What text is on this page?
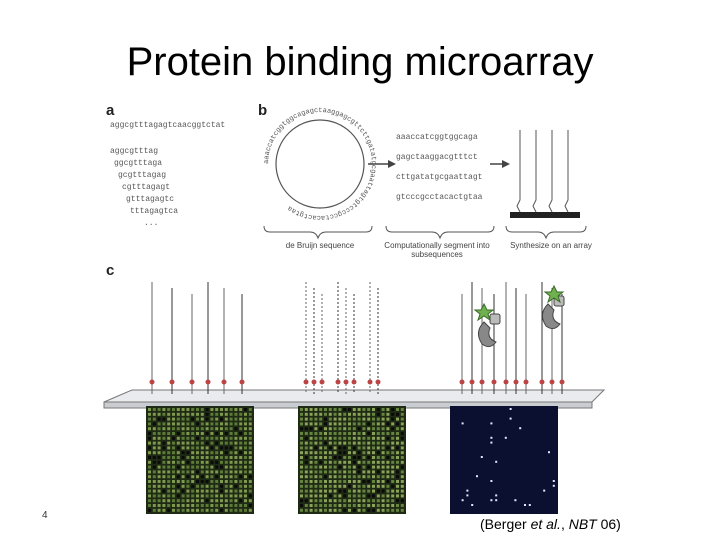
Protein binding microarray
a
aggcgtttagagtcaacggtctat
aggcgtttag
ggcgtttaga
gcgtttagag
cgtttagagt
gtttagagtc
tttagagtca
...
b
aaaccatcggtggcagagctaaggagcgttcttgatatgcgaattagtgtcccgcctacactgtaa
aaaccatcggtggcaga
gagctaaggacgtttct
cttgatatgcgaattagt
gtcccgcctacactgtaa
de Bruijn sequence	Computationally segment into subsequences
Synthesize on an array
c
4
(Berger et al., NBT 06)
